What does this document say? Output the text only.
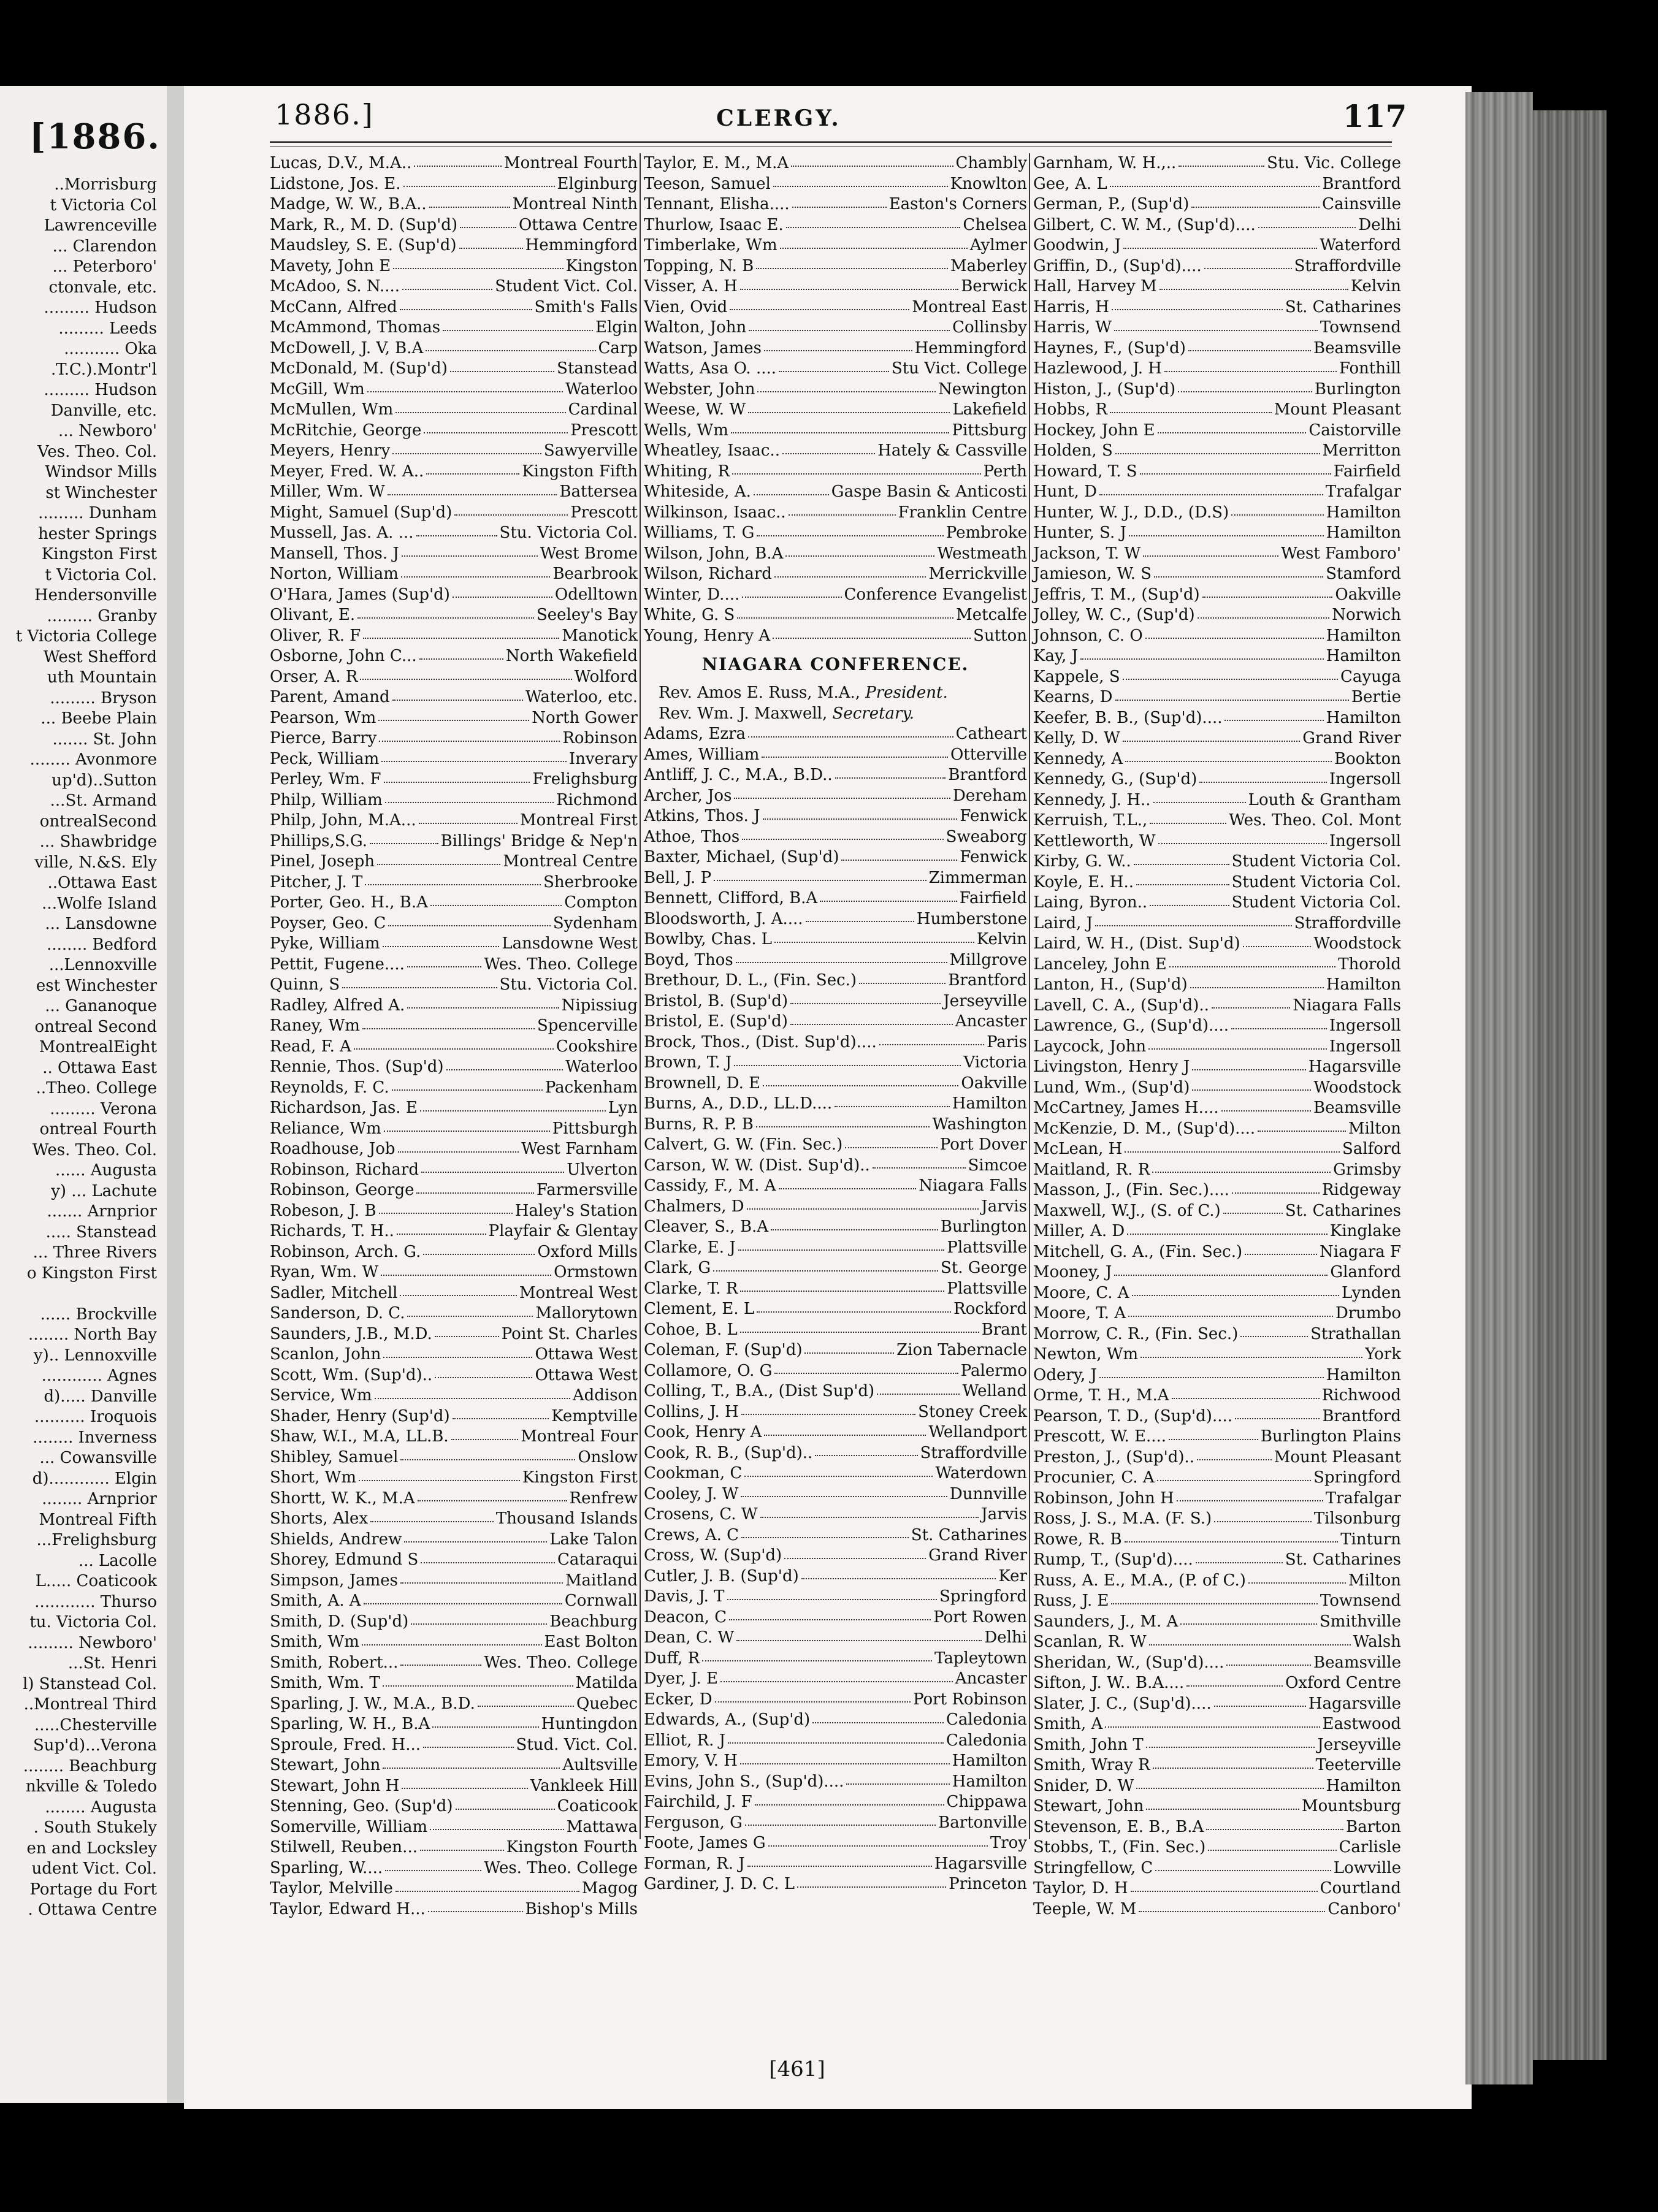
[1886.
..Morrisburg
t Victoria Col
Lawrenceville
... Clarendon
... Peterboro'
ctonvale, etc.
......... Hudson
......... Leeds
........... Oka
.T.C.).Montr'l
......... Hudson
Danville, etc.
... Newboro'
Ves. Theo. Col.
Windsor Mills
st Winchester
......... Dunham
hester Springs
Kingston First
t Victoria Col.
Hendersonville
......... Granby
t Victoria College
West Shefford
uth Mountain
......... Bryson
... Beebe Plain
....... St. John
........ Avonmore
up'd)..Sutton
...St. Armand
ontrealSecond
... Shawbridge
ville, N.&S. Ely
..Ottawa East
...Wolfe Island
... Lansdowne
........ Bedford
...Lennoxville
est Winchester
... Gananoque
ontreal Second
MontrealEight
.. Ottawa East
..Theo. College
......... Verona
ontreal Fourth
Wes. Theo. Col.
...... Augusta
y) ... Lachute
....... Arnprior
..... Stanstead
... Three Rivers
o Kingston First
...... Brockville
........ North Bay
y).. Lennoxville
............ Agnes
d)..... Danville
.......... Iroquois
........ Inverness
... Cowansville
d)............ Elgin
........ Arnprior
Montreal Fifth
...Frelighsburg
... Lacolle
L..... Coaticook
............ Thurso
tu. Victoria Col.
......... Newboro'
...St. Henri
l) Stanstead Col.
..Montreal Third
.....Chesterville
Sup'd)...Verona
........ Beachburg
nkville & Toledo
........ Augusta
. South Stukely
en and Locksley
udent Vict. Col.
Portage du Fort
. Ottawa Centre
1886.]	CLERGY.	117
Lucas, D.V., M.A..	Montreal Fourth
Lidstone, Jos. E.	Elginburg
Madge, W. W., B.A..	Montreal Ninth
Mark, R., M. D. (Sup'd)	Ottawa Centre
Maudsley, S. E. (Sup'd)	Hemmingford
Mavety, John E	Kingston
McAdoo, S. N....	Student Vict. Col.
McCann, Alfred	Smith's Falls
McAmmond, Thomas	Elgin
McDowell, J. V, B.A	Carp
McDonald, M. (Sup'd)	Stanstead
McGill, Wm	Waterloo
McMullen, Wm	Cardinal
McRitchie, George	Prescott
Meyers, Henry	Sawyerville
Meyer, Fred. W. A..	Kingston Fifth
Miller, Wm. W	Battersea
Might, Samuel (Sup'd)	Prescott
Mussell, Jas. A. ...	Stu. Victoria Col.
Mansell, Thos. J	West Brome
Norton, William	Bearbrook
O'Hara, James (Sup'd)	Odelltown
Olivant, E.	Seeley's Bay
Oliver, R. F	Manotick
Osborne, John C...	North Wakefield
Orser, A. R	Wolford
Parent, Amand	Waterloo, etc.
Pearson, Wm	North Gower
Pierce, Barry	Robinson
Peck, William	Inverary
Perley, Wm. F	Frelighsburg
Philp, William	Richmond
Philp, John, M.A...	Montreal First
Phillips,S.G.	Billings' Bridge & Nep'n
Pinel, Joseph	Montreal Centre
Pitcher, J. T	Sherbrooke
Porter, Geo. H., B.A	Compton
Poyser, Geo. C	Sydenham
Pyke, William	Lansdowne West
Pettit, Fugene....	Wes. Theo. College
Quinn, S	Stu. Victoria Col.
Radley, Alfred A.	Nipissiug
Raney, Wm	Spencerville
Read, F. A	Cookshire
Rennie, Thos. (Sup'd)	Waterloo
Reynolds, F. C.	Packenham
Richardson, Jas. E	Lyn
Reliance, Wm	Pittsburgh
Roadhouse, Job	West Farnham
Robinson, Richard	Ulverton
Robinson, George	Farmersville
Robeson, J. B	Haley's Station
Richards, T. H..	Playfair & Glentay
Robinson, Arch. G.	Oxford Mills
Ryan, Wm. W	Ormstown
Sadler, Mitchell	Montreal West
Sanderson, D. C.	Mallorytown
Saunders, J.B., M.D.	Point St. Charles
Scanlon, John	Ottawa West
Scott, Wm. (Sup'd)..	Ottawa West
Service, Wm	Addison
Shader, Henry (Sup'd)	Kemptville
Shaw, W.I., M.A, LL.B.	Montreal Four
Shibley, Samuel	Onslow
Short, Wm	Kingston First
Shortt, W. K., M.A	Renfrew
Shorts, Alex	Thousand Islands
Shields, Andrew	Lake Talon
Shorey, Edmund S	Cataraqui
Simpson, James	Maitland
Smith, A. A	Cornwall
Smith, D. (Sup'd)	Beachburg
Smith, Wm	East Bolton
Smith, Robert...	Wes. Theo. College
Smith, Wm. T	Matilda
Sparling, J. W., M.A., B.D.	Quebec
Sparling, W. H., B.A	Huntingdon
Sproule, Fred. H...	Stud. Vict. Col.
Stewart, John	Aultsville
Stewart, John H	Vankleek Hill
Stenning, Geo. (Sup'd)	Coaticook
Somerville, William	Mattawa
Stilwell, Reuben...	Kingston Fourth
Sparling, W....	Wes. Theo. College
Taylor, Melville	Magog
Taylor, Edward H...	Bishop's Mills
Taylor, E. M., M.A	Chambly
Teeson, Samuel	Knowlton
Tennant, Elisha....	Easton's Corners
Thurlow, Isaac E.	Chelsea
Timberlake, Wm	Aylmer
Topping, N. B	Maberley
Visser, A. H	Berwick
Vien, Ovid	Montreal East
Walton, John	Collinsby
Watson, James	Hemmingford
Watts, Asa O. ....	Stu Vict. College
Webster, John	Newington
Weese, W. W	Lakefield
Wells, Wm	Pittsburg
Wheatley, Isaac..	Hately & Cassville
Whiting, R	Perth
Whiteside, A.	Gaspe Basin & Anticosti
Wilkinson, Isaac..	Franklin Centre
Williams, T. G	Pembroke
Wilson, John, B.A	Westmeath
Wilson, Richard	Merrickville
Winter, D....	Conference Evangelist
White, G. S	Metcalfe
Young, Henry A	Sutton
NIAGARA CONFERENCE.
Rev. Amos E. Russ, M.A., President.
Rev. Wm. J. Maxwell, Secretary.
Adams, Ezra	Catheart
Ames, William	Otterville
Antliff, J. C., M.A., B.D..	Brantford
Archer, Jos	Dereham
Atkins, Thos. J	Fenwick
Athoe, Thos	Sweaborg
Baxter, Michael, (Sup'd)	Fenwick
Bell, J. P	Zimmerman
Bennett, Clifford, B.A	Fairfield
Bloodsworth, J. A....	Humberstone
Bowlby, Chas. L	Kelvin
Boyd, Thos	Millgrove
Brethour, D. L., (Fin. Sec.)	Brantford
Bristol, B. (Sup'd)	Jerseyville
Bristol, E. (Sup'd)	Ancaster
Brock, Thos., (Dist. Sup'd)....	Paris
Brown, T. J	Victoria
Brownell, D. E	Oakville
Burns, A., D.D., LL.D....	Hamilton
Burns, R. P. B	Washington
Calvert, G. W. (Fin. Sec.)	Port Dover
Carson, W. W. (Dist. Sup'd)..	Simcoe
Cassidy, F., M. A	Niagara Falls
Chalmers, D	Jarvis
Cleaver, S., B.A	Burlington
Clarke, E. J	Plattsville
Clark, G	St. George
Clarke, T. R	Plattsville
Clement, E. L	Rockford
Cohoe, B. L	Brant
Coleman, F. (Sup'd)	Zion Tabernacle
Collamore, O. G	Palermo
Colling, T., B.A., (Dist Sup'd)	Welland
Collins, J. H	Stoney Creek
Cook, Henry A	Wellandport
Cook, R. B., (Sup'd)..	Straffordville
Cookman, C	Waterdown
Cooley, J. W	Dunnville
Crosens, C. W	Jarvis
Crews, A. C	St. Catharines
Cross, W. (Sup'd)	Grand River
Cutler, J. B. (Sup'd)	Ker
Davis, J. T	Springford
Deacon, C	Port Rowen
Dean, C. W	Delhi
Duff, R	Tapleytown
Dyer, J. E	Ancaster
Ecker, D	Port Robinson
Edwards, A., (Sup'd)	Caledonia
Elliot, R. J	Caledonia
Emory, V. H	Hamilton
Evins, John S., (Sup'd)....	Hamilton
Fairchild, J. F	Chippawa
Ferguson, G	Bartonville
Foote, James G	Troy
Forman, R. J	Hagarsville
Gardiner, J. D. C. L	Princeton
Garnham, W. H.,..	Stu. Vic. College
Gee, A. L	Brantford
German, P., (Sup'd)	Cainsville
Gilbert, C. W. M., (Sup'd)....	Delhi
Goodwin, J	Waterford
Griffin, D., (Sup'd)....	Straffordville
Hall, Harvey M	Kelvin
Harris, H	St. Catharines
Harris, W	Townsend
Haynes, F., (Sup'd)	Beamsville
Hazlewood, J. H	Fonthill
Histon, J., (Sup'd)	Burlington
Hobbs, R	Mount Pleasant
Hockey, John E	Caistorville
Holden, S	Merritton
Howard, T. S	Fairfield
Hunt, D	Trafalgar
Hunter, W. J., D.D., (D.S)	Hamilton
Hunter, S. J	Hamilton
Jackson, T. W	West Famboro'
Jamieson, W. S	Stamford
Jeffris, T. M., (Sup'd)	Oakville
Jolley, W. C., (Sup'd)	Norwich
Johnson, C. O	Hamilton
Kay, J	Hamilton
Kappele, S	Cayuga
Kearns, D	Bertie
Keefer, B. B., (Sup'd)....	Hamilton
Kelly, D. W	Grand River
Kennedy, A	Bookton
Kennedy, G., (Sup'd)	Ingersoll
Kennedy, J. H..	Louth & Grantham
Kerruish, T.L.,	Wes. Theo. Col. Mont
Kettleworth, W	Ingersoll
Kirby, G. W..	Student Victoria Col.
Koyle, E. H..	Student Victoria Col.
Laing, Byron..	Student Victoria Col.
Laird, J	Straffordville
Laird, W. H., (Dist. Sup'd)	Woodstock
Lanceley, John E	Thorold
Lanton, H., (Sup'd)	Hamilton
Lavell, C. A., (Sup'd)..	Niagara Falls
Lawrence, G., (Sup'd)....	Ingersoll
Laycock, John	Ingersoll
Livingston, Henry J	Hagarsville
Lund, Wm., (Sup'd)	Woodstock
McCartney, James H....	Beamsville
McKenzie, D. M., (Sup'd)....	Milton
McLean, H	Salford
Maitland, R. R	Grimsby
Masson, J., (Fin. Sec.)....	Ridgeway
Maxwell, W.J., (S. of C.)	St. Catharines
Miller, A. D	Kinglake
Mitchell, G. A., (Fin. Sec.)	Niagara F
Mooney, J	Glanford
Moore, C. A	Lynden
Moore, T. A	Drumbo
Morrow, C. R., (Fin. Sec.)	Strathallan
Newton, Wm	York
Odery, J	Hamilton
Orme, T. H., M.A	Richwood
Pearson, T. D., (Sup'd)....	Brantford
Prescott, W. E....	Burlington Plains
Preston, J., (Sup'd)..	Mount Pleasant
Procunier, C. A	Springford
Robinson, John H	Trafalgar
Ross, J. S., M.A. (F. S.)	Tilsonburg
Rowe, R. B	Tinturn
Rump, T., (Sup'd)....	St. Catharines
Russ, A. E., M.A., (P. of C.)	Milton
Russ, J. E	Townsend
Saunders, J., M. A	Smithville
Scanlan, R. W	Walsh
Sheridan, W., (Sup'd)....	Beamsville
Sifton, J. W.. B.A....	Oxford Centre
Slater, J. C., (Sup'd)....	Hagarsville
Smith, A	Eastwood
Smith, John T	Jerseyville
Smith, Wray R	Teeterville
Snider, D. W	Hamilton
Stewart, John	Mountsburg
Stevenson, E. B., B.A	Barton
Stobbs, T., (Fin. Sec.)	Carlisle
Stringfellow, C	Lowville
Taylor, D. H	Courtland
Teeple, W. M	Canboro'
[461]
